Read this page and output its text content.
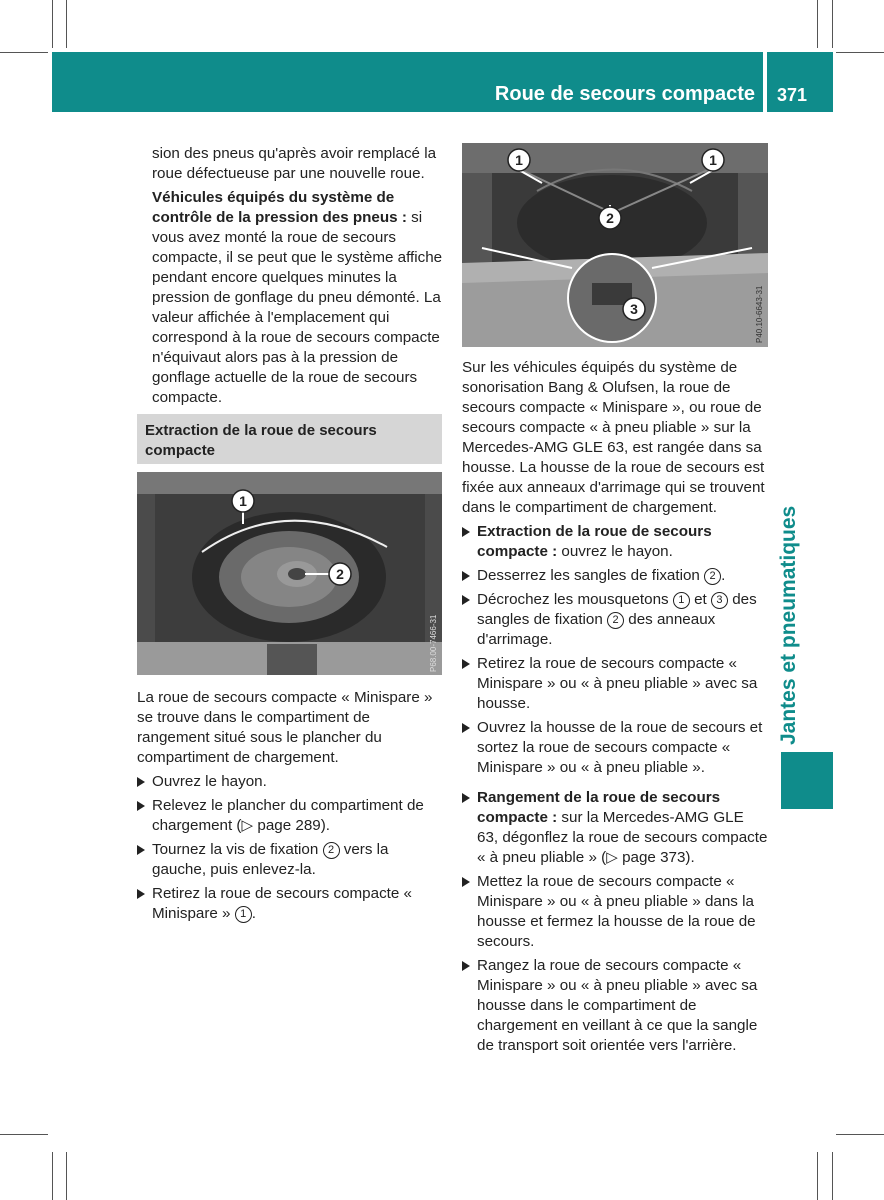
Roue de secours compacte 371
Jantes et pneumatiques

sion des pneus qu'après avoir remplacé la roue défectueuse par une nouvelle roue.

Véhicules équipés du système de contrôle de la pression des pneus : si vous avez monté la roue de secours compacte, il se peut que le système affiche pendant encore quelques minutes la pression de gonflage du pneu démonté. La valeur affichée à l'emplacement qui correspond à la roue de secours compacte n'équivaut alors pas à la pression de gonflage actuelle de la roue de secours compacte.

Extraction de la roue de secours compacte
1
2
P68.00-7466-31

La roue de secours compacte « Minispare » se trouve dans le compartiment de rangement situé sous le plancher du compartiment de chargement.

Ouvrez le hayon.
Relevez le plancher du compartiment de chargement (▷ page 289).
Tournez la vis de fixation 2 vers la gauche, puis enlevez-la.
Retirez la roue de secours compacte « Minispare » 1 .
1	1
2
3	P40.10-6643-31

Sur les véhicules équipés du système de sonorisation Bang & Olufsen, la roue de secours compacte « Minispare », ou roue de secours compacte « à pneu pliable » sur la Mercedes-AMG GLE 63, est rangée dans sa housse. La housse de la roue de secours est fixée aux anneaux d'arrimage qui se trouvent dans le compartiment de chargement.

Extraction de la roue de secours compacte : ouvrez le hayon.
Desserrez les sangles de fixation 2 .
Décrochez les mousquetons 1 et 3 des sangles de fixation 2 des anneaux d'arrimage.
Retirez la roue de secours compacte « Minispare » ou « à pneu pliable » avec sa housse.
Ouvrez la housse de la roue de secours et sortez la roue de secours compacte « Minispare » ou « à pneu pliable ».
Rangement de la roue de secours compacte : sur la Mercedes-AMG GLE 63, dégonflez la roue de secours compacte « à pneu pliable » (▷ page 373).
Mettez la roue de secours compacte « Minispare » ou « à pneu pliable » dans la housse et fermez la housse de la roue de secours.
Rangez la roue de secours compacte « Minispare » ou « à pneu pliable » avec sa housse dans le compartiment de chargement en veillant à ce que la sangle de transport soit orientée vers l'arrière.
